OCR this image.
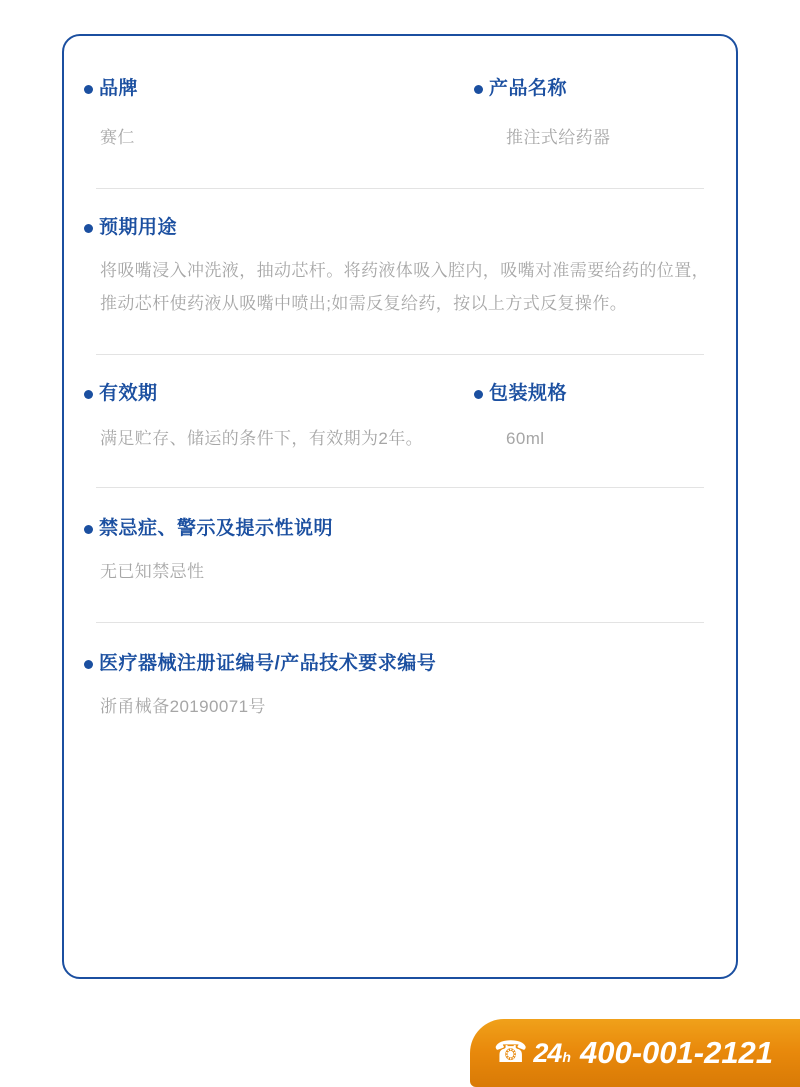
品牌	产品名称
赛仁	推注式给药器
预期用途
将吸嘴浸入冲洗液，抽动芯杆。将药液体吸入腔内，吸嘴对准需要给药的位置，推动芯杆使药液从吸嘴中喷出;如需反复给药，按以上方式反复操作。
有效期	包装规格
满足贮存、储运的条件下，有效期为2年。	60ml
禁忌症、警示及提示性说明
无已知禁忌性
医疗器械注册证编号/产品技术要求编号
浙甬械备20190071号
☎ 24 h 400-001-2121
